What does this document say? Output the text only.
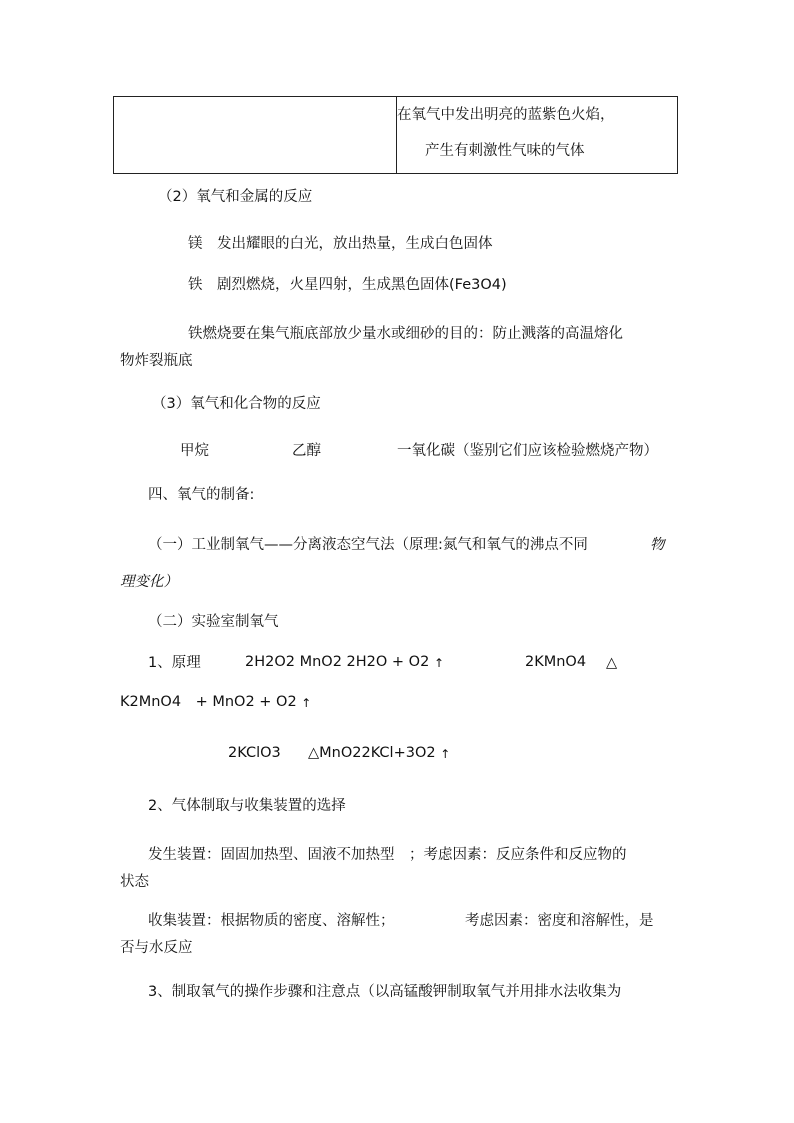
在氧气中发出明亮的蓝紫色火焰，
产生有刺激性气味的气体
（2）氧气和金属的反应
镁　发出耀眼的白光，放出热量，生成白色固体
铁　剧烈燃烧，火星四射，生成黑色固体(Fe3O4)
铁燃烧要在集气瓶底部放少量水或细砂的目的：防止溅落的高温熔化
物炸裂瓶底
（3）氧气和化合物的反应
甲烷	乙醇	一氧化碳（鉴别它们应该检验燃烧产物）
四、氧气的制备:
（一）工业制氧气——分离液态空气法（原理:氮气和氧气的沸点不同	物
理变化）
（二）实验室制氧气
1、原理	2H2O2 MnO2 2H2O + O2 ↑	2KMnO4 △
K2MnO4　+ MnO2 + O2 ↑
2KClO3 △MnO22KCl+3O2 ↑
2、气体制取与收集装置的选择
发生装置：固固加热型、固液不加热型　；考虑因素：反应条件和反应物的
状态
收集装置：根据物质的密度、溶解性；	考虑因素：密度和溶解性，是
否与水反应
3、制取氧气的操作步骤和注意点（以高锰酸钾制取氧气并用排水法收集为
